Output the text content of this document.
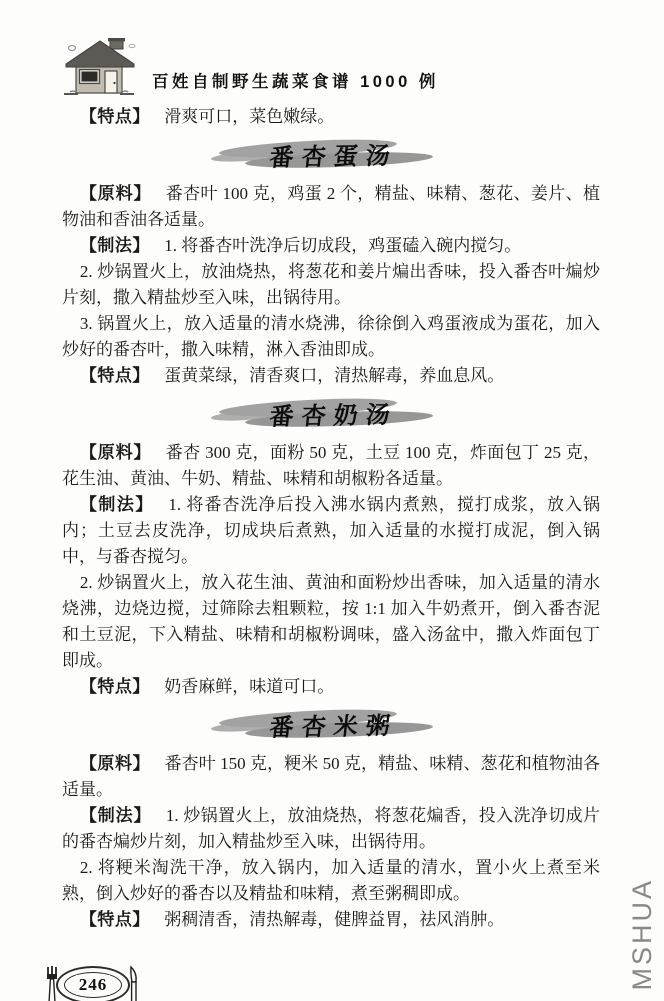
百姓自制野生蔬菜食谱 1000 例

【特点】 滑爽可口，菜色嫩绿。

番杏蛋汤

【原料】 番杏叶 100 克，鸡蛋 2 个，精盐、味精、葱花、姜片、植物油和香油各适量。

【制法】 1. 将番杏叶洗净后切成段，鸡蛋磕入碗内搅匀。

2. 炒锅置火上，放油烧热，将葱花和姜片煸出香味，投入番杏叶煸炒片刻，撒入精盐炒至入味，出锅待用。

3. 锅置火上，放入适量的清水烧沸，徐徐倒入鸡蛋液成为蛋花，加入炒好的番杏叶，撒入味精，淋入香油即成。

【特点】 蛋黄菜绿，清香爽口，清热解毒，养血息风。

番杏奶汤

【原料】 番杏 300 克，面粉 50 克，土豆 100 克，炸面包丁 25 克，花生油、黄油、牛奶、精盐、味精和胡椒粉各适量。

【制法】 1. 将番杏洗净后投入沸水锅内煮熟，搅打成浆，放入锅内；土豆去皮洗净，切成块后煮熟，加入适量的水搅打成泥，倒入锅中，与番杏搅匀。

2. 炒锅置火上，放入花生油、黄油和面粉炒出香味，加入适量的清水烧沸，边烧边搅，过筛除去粗颗粒，按 1:1 加入牛奶煮开，倒入番杏泥和土豆泥，下入精盐、味精和胡椒粉调味，盛入汤盆中，撒入炸面包丁即成。

【特点】 奶香麻鲜，味道可口。

番杏米粥

【原料】 番杏叶 150 克，粳米 50 克，精盐、味精、葱花和植物油各适量。

【制法】 1. 炒锅置火上，放油烧热，将葱花煸香，投入洗净切成片的番杏煸炒片刻，加入精盐炒至入味，出锅待用。

2. 将粳米淘洗干净，放入锅内，加入适量的清水，置小火上煮至米熟，倒入炒好的番杏以及精盐和味精，煮至粥稠即成。

【特点】 粥稠清香，清热解毒，健脾益胃，祛风消肿。

246	MSHUA
